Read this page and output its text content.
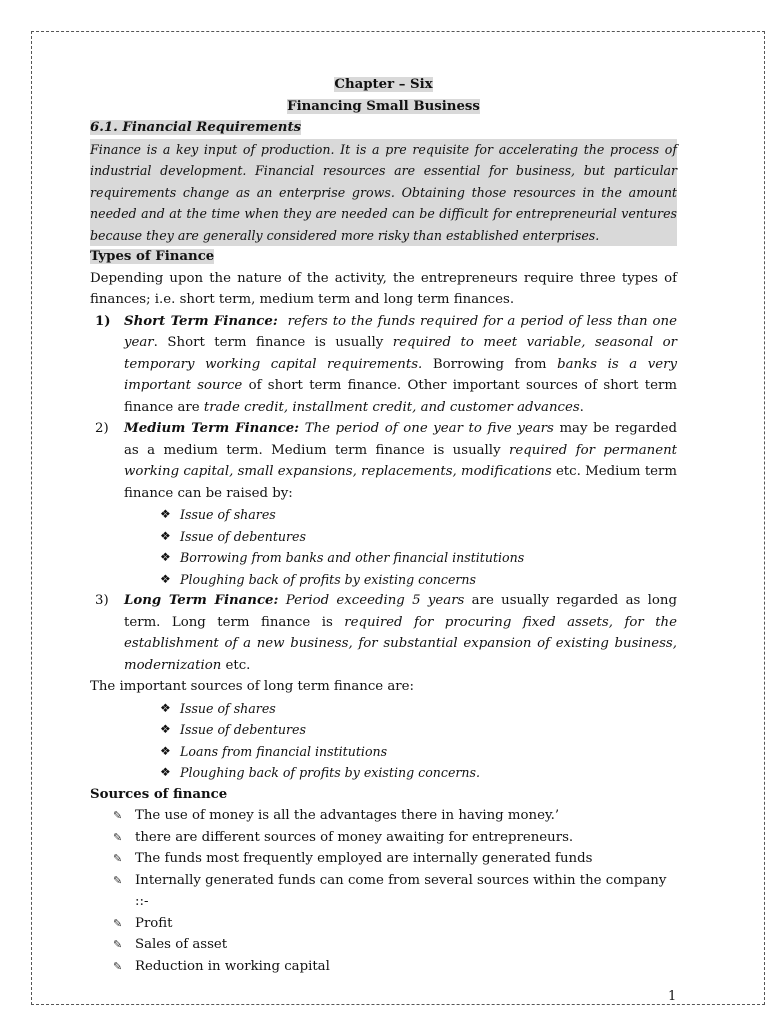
Chapter – Six
Financing Small Business
6.1. Financial Requirements

Finance is a key input of production. It is a pre requisite for accelerating the process of industrial development. Financial resources are essential for business, but particular requirements change as an enterprise grows. Obtaining those resources in the amount needed and at the time when they are needed can be difficult for entrepreneurial ventures because they are generally considered more risky than established enterprises.

Types of Finance

Depending upon the nature of the activity, the entrepreneurs require three types of finances; i.e. short term, medium term and long term finances.

1) Short Term Finance: refers to the funds required for a period of less than one year. Short term finance is usually required to meet variable, seasonal or temporary working capital requirements. Borrowing from banks is a very important source of short term finance. Other important sources of short term finance are trade credit, installment credit, and customer advances.
2) Medium Term Finance: The period of one year to five years may be regarded as a medium term. Medium term finance is usually required for permanent working capital, small expansions, replacements, modifications etc. Medium term finance can be raised by:
❖ Issue of shares
❖ Issue of debentures
❖ Borrowing from banks and other financial institutions
❖ Ploughing back of profits by existing concerns
3) Long Term Finance: Period exceeding 5 years are usually regarded as long term. Long term finance is required for procuring fixed assets, for the establishment of a new business, for substantial expansion of existing business, modernization etc.

The important sources of long term finance are:

❖ Issue of shares
❖ Issue of debentures
❖ Loans from financial institutions
❖ Ploughing back of profits by existing concerns.
Sources of finance
✎ The use of money is all the advantages there in having money.’
✎ there are different sources of money awaiting for entrepreneurs.
✎ The funds most frequently employed are internally generated funds
✎ Internally generated funds can come from several sources within the company ::-
✎ Profit
✎ Sales of asset
✎ Reduction in working capital
1
